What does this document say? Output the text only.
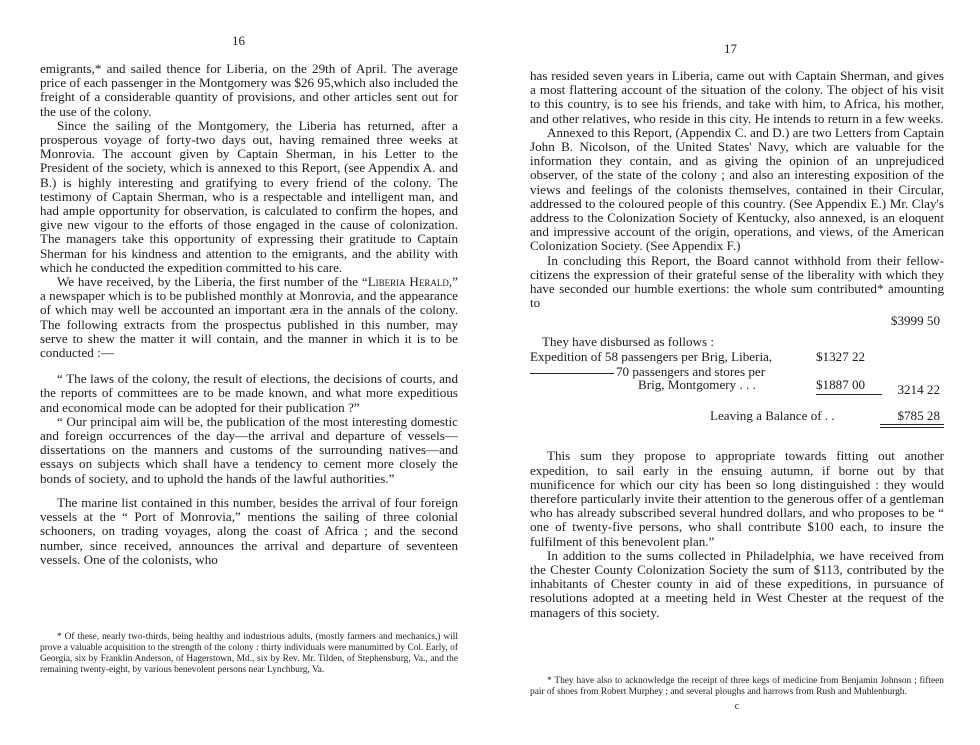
16

emigrants,* and sailed thence for Liberia, on the 29th of April. The average price of each passenger in the Montgomery was $26 95,which also included the freight of a considerable quantity of provisions, and other articles sent out for the use of the colony.

Since the sailing of the Montgomery, the Liberia has returned, after a prosperous voyage of forty-two days out, having remained three weeks at Monrovia. The account given by Captain Sherman, in his Letter to the President of the society, which is annexed to this Report, (see Appendix A. and B.) is highly interesting and gratifying to every friend of the colony. The testimony of Captain Sherman, who is a respectable and intelligent man, and had ample opportunity for observation, is calculated to confirm the hopes, and give new vigour to the efforts of those engaged in the cause of colonization. The managers take this opportunity of expressing their gratitude to Captain Sherman for his kindness and attention to the emigrants, and the ability with which he conducted the expedition committed to his care.

We have received, by the Liberia, the first number of the “Liberia Herald,” a newspaper which is to be published monthly at Monrovia, and the appearance of which may well be accounted an important æra in the annals of the colony. The following extracts from the prospectus published in this number, may serve to shew the matter it will contain, and the manner in which it is to be conducted :—

“ The laws of the colony, the result of elections, the decisions of courts, and the reports of committees are to be made known, and what more expeditious and economical mode can be adopted for their publication ?”

“ Our principal aim will be, the publication of the most interesting domestic and foreign occurrences of the day—the arrival and departure of vessels—dissertations on the manners and customs of the surrounding natives—and essays on subjects which shall have a tendency to cement more closely the bonds of society, and to uphold the hands of the lawful authorities.”

The marine list contained in this number, besides the arrival of four foreign vessels at the “ Port of Monrovia,” mentions the sailing of three colonial schooners, on trading voyages, along the coast of Africa ; and the second number, since received, announces the arrival and departure of seventeen vessels. One of the colonists, who

* Of these, nearly two-thirds, being healthy and industrious adults, (mostly farmers and mechanics,) will prove a valuable acquisition to the strength of the colony : thirty individuals were manumitted by Col. Early, of Georgia, six by Franklin Anderson, of Hagerstown, Md., six by Rev. Mr. Tilden, of Stephensburg, Va., and the remaining twenty-eight, by various benevolent persons near Lynchburg, Va.

17

has resided seven years in Liberia, came out with Captain Sherman, and gives a most flattering account of the situation of the colony. The object of his visit to this country, is to see his friends, and take with him, to Africa, his mother, and other relatives, who reside in this city. He intends to return in a few weeks.

Annexed to this Report, (Appendix C. and D.) are two Letters from Captain John B. Nicolson, of the United States' Navy, which are valuable for the information they contain, and as giving the opinion of an unprejudiced observer, of the state of the colony ; and also an interesting exposition of the views and feelings of the colonists themselves, contained in their Circular, addressed to the coloured people of this country. (See Appendix E.) Mr. Clay's address to the Colonization Society of Kentucky, also annexed, is an eloquent and impressive account of the origin, operations, and views, of the American Colonization Society. (See Appendix F.)

In concluding this Report, the Board cannot withhold from their fellow-citizens the expression of their grateful sense of the liberality with which they have seconded our humble exertions: the whole sum contributed* amounting to

$3999 50
They have disbursed as follows :
Expedition of 58 passengers per Brig, Liberia,	$1327 22
70 passengers and stores per
Brig, Montgomery . . .	$1887 00 3214 22
Leaving a Balance of . .	$785 28

This sum they propose to appropriate towards fitting out another expedition, to sail early in the ensuing autumn, if borne out by that munificence for which our city has been so long distinguished : they would therefore particularly invite their attention to the generous offer of a gentleman who has already subscribed several hundred dollars, and who proposes to be “ one of twenty-five persons, who shall contribute $100 each, to insure the fulfilment of this benevolent plan.”

In addition to the sums collected in Philadelphia, we have received from the Chester County Colonization Society the sum of $113, contributed by the inhabitants of Chester county in aid of these expeditions, in pursuance of resolutions adopted at a meeting held in West Chester at the request of the managers of this society.

* They have also to acknowledge the receipt of three kegs of medicine from Benjamin Johnson ; fifteen pair of shoes from Robert Murphey ; and several ploughs and harrows from Rush and Muhlenburgh.

c
